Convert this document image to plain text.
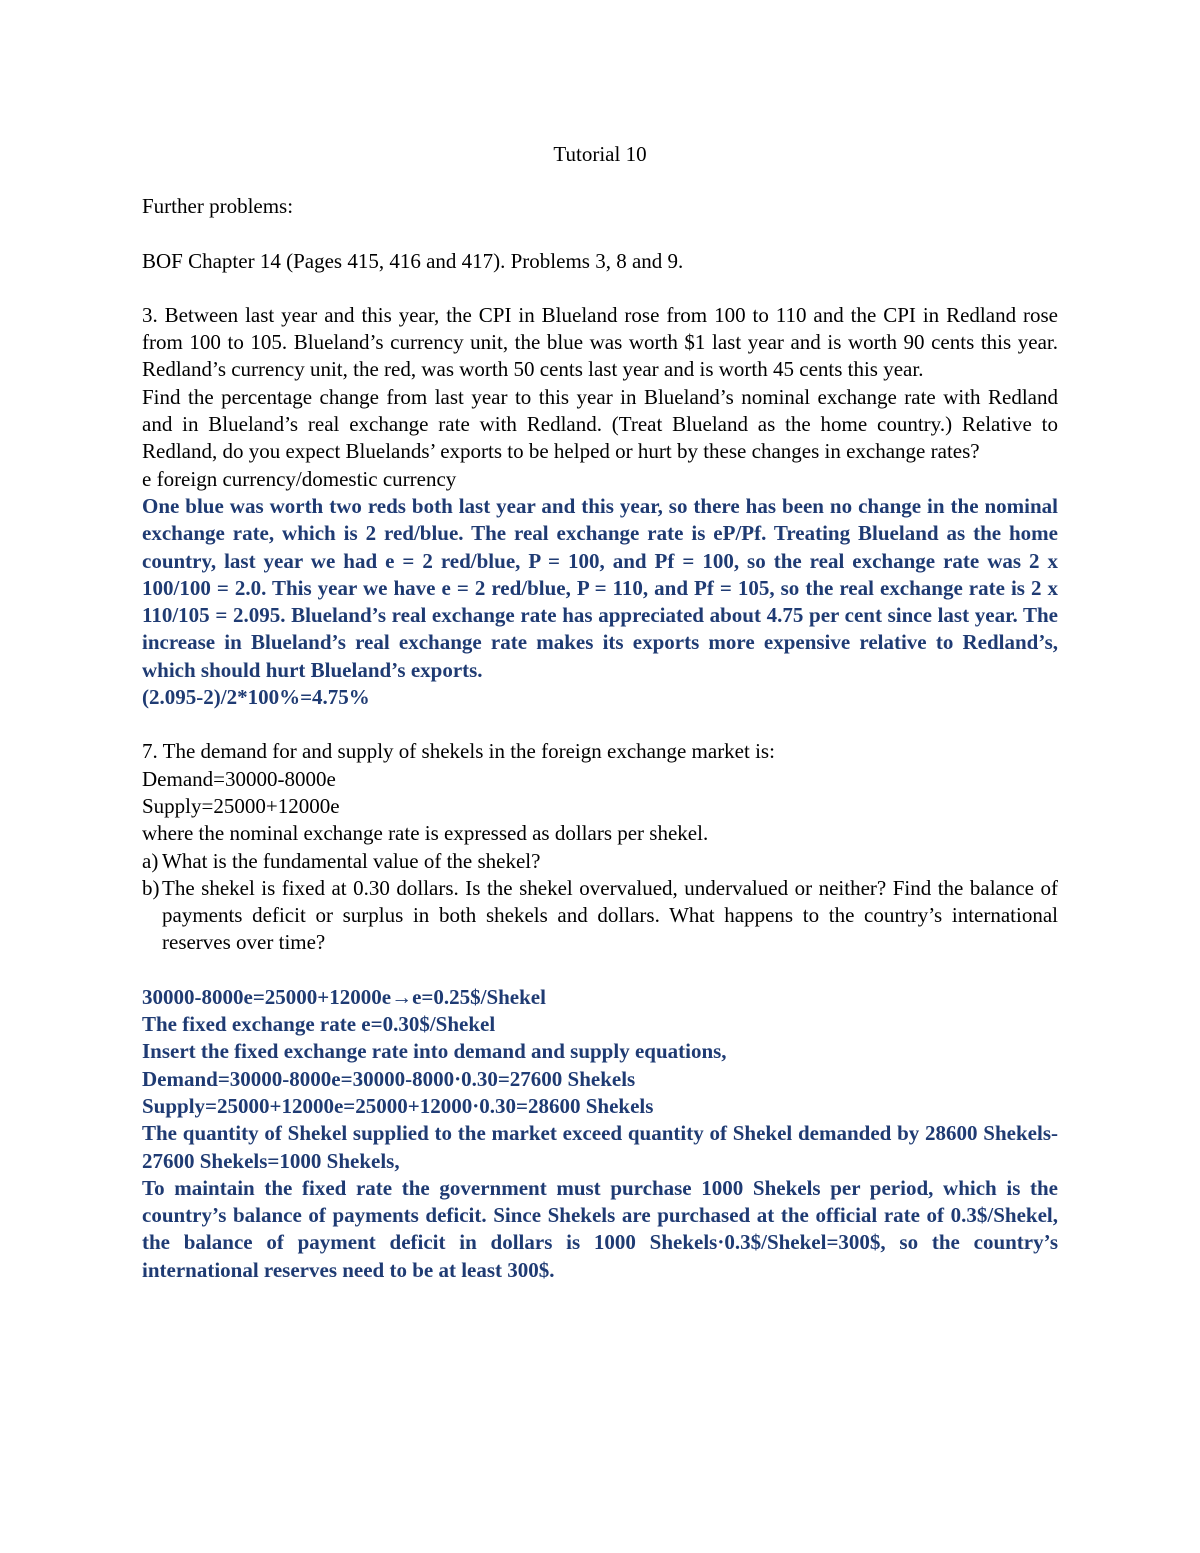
Tutorial 10

Further problems:

BOF Chapter 14 (Pages 415, 416 and 417). Problems 3, 8 and 9.

3. Between last year and this year, the CPI in Blueland rose from 100 to 110 and the CPI in Redland rose from 100 to 105. Blueland’s currency unit, the blue was worth $1 last year and is worth 90 cents this year. Redland’s currency unit, the red, was worth 50 cents last year and is worth 45 cents this year.

Find the percentage change from last year to this year in Blueland’s nominal exchange rate with Redland and in Blueland’s real exchange rate with Redland. (Treat Blueland as the home country.) Relative to Redland, do you expect Bluelands’ exports to be helped or hurt by these changes in exchange rates?

e foreign currency/domestic currency

One blue was worth two reds both last year and this year, so there has been no change in the nominal exchange rate, which is 2 red/blue. The real exchange rate is eP/Pf. Treating Blueland as the home country, last year we had e = 2 red/blue, P = 100, and Pf = 100, so the real exchange rate was 2 x 100/100 = 2.0. This year we have e = 2 red/blue, P = 110, and Pf = 105, so the real exchange rate is 2 x 110/105 = 2.095. Blueland’s real exchange rate has appreciated about 4.75 per cent since last year. The increase in Blueland’s real exchange rate makes its exports more expensive relative to Redland’s, which should hurt Blueland’s exports.

(2.095-2)/2*100%=4.75%

7. The demand for and supply of shekels in the foreign exchange market is:

Demand=30000-8000e

Supply=25000+12000e

where the nominal exchange rate is expressed as dollars per shekel.

a) What is the fundamental value of the shekel?
b) The shekel is fixed at 0.30 dollars. Is the shekel overvalued, undervalued or neither? Find the balance of payments deficit or surplus in both shekels and dollars. What happens to the country’s international reserves over time?

30000-8000e=25000+12000e→e=0.25$/Shekel

The fixed exchange rate e=0.30$/Shekel

Insert the fixed exchange rate into demand and supply equations,

Demand=30000-8000e=30000-8000·0.30=27600 Shekels

Supply=25000+12000e=25000+12000·0.30=28600 Shekels

The quantity of Shekel supplied to the market exceed quantity of Shekel demanded by 28600 Shekels-27600 Shekels=1000 Shekels,

To maintain the fixed rate the government must purchase 1000 Shekels per period, which is the country’s balance of payments deficit. Since Shekels are purchased at the official rate of 0.3$/Shekel, the balance of payment deficit in dollars is 1000 Shekels·0.3$/Shekel=300$, so the country’s international reserves need to be at least 300$.
